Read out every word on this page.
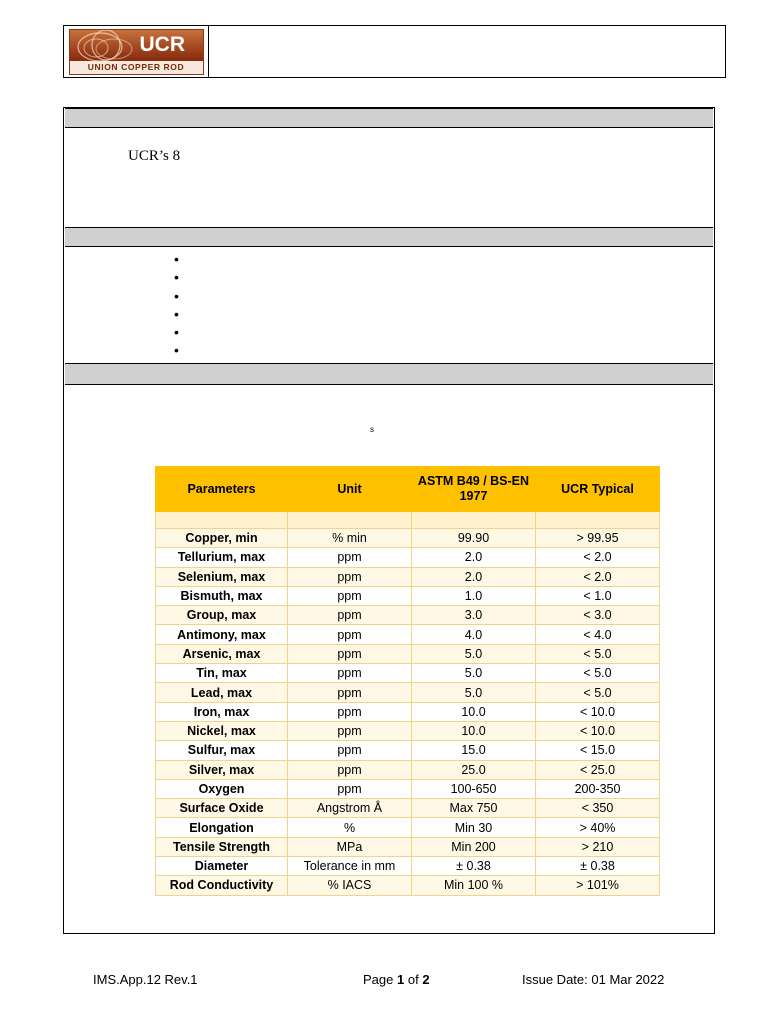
UCR
UNION COPPER ROD
UCR’s 8
•
•
•
•
•
•
s
Parameters	Unit	ASTM B49 / BS-EN 1977	UCR Typical

Copper, min	% min	99.90	> 99.95
Tellurium, max	ppm	2.0	< 2.0
Selenium, max	ppm	2.0	< 2.0
Bismuth, max	ppm	1.0	< 1.0
Group, max	ppm	3.0	< 3.0
Antimony, max	ppm	4.0	< 4.0
Arsenic, max	ppm	5.0	< 5.0
Tin, max	ppm	5.0	< 5.0
Lead, max	ppm	5.0	< 5.0
Iron, max	ppm	10.0	< 10.0
Nickel, max	ppm	10.0	< 10.0
Sulfur, max	ppm	15.0	< 15.0
Silver, max	ppm	25.0	< 25.0
Oxygen	ppm	100-650	200-350
Surface Oxide	Angstrom Å	Max 750	< 350
Elongation	%	Min 30	> 40%
Tensile Strength	MPa	Min 200	> 210
Diameter	Tolerance in mm	± 0.38	± 0.38
Rod Conductivity	% IACS	Min 100 %	> 101%
IMS.App.12 Rev.1	Page 1 of 2	Issue Date: 01 Mar 2022
